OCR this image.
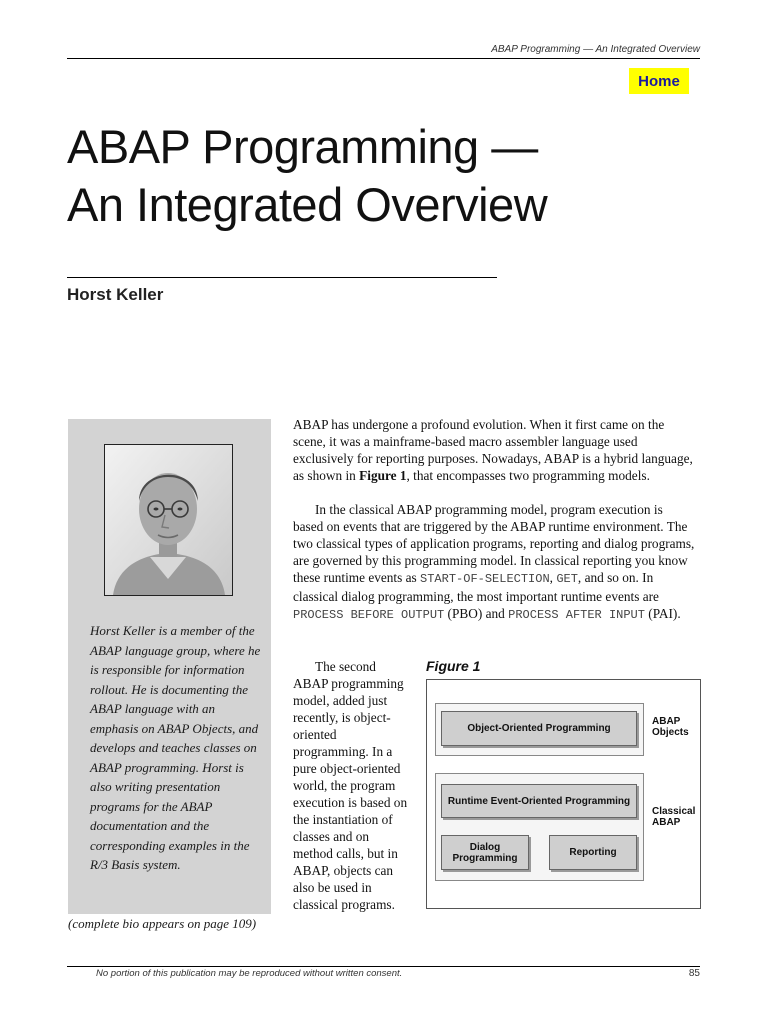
ABAP Programming — An Integrated Overview
Home
ABAP Programming —
An Integrated Overview
Horst Keller
Horst Keller is a member of the ABAP language group, where he is responsible for information rollout. He is documenting the ABAP language with an emphasis on ABAP Objects, and develops and teaches classes on ABAP programming. Horst is also writing presentation programs for the ABAP documentation and the corresponding examples in the R/3 Basis system.
(complete bio appears on page 109)
ABAP has undergone a profound evolution. When it first came on the scene, it was a mainframe-based macro assembler language used exclusively for reporting purposes. Nowadays, ABAP is a hybrid language, as shown in Figure 1, that encompasses two programming models.
In the classical ABAP programming model, program execution is based on events that are triggered by the ABAP runtime environment. The two classical types of application programs, reporting and dialog programs, are governed by this programming model. In classical reporting you know these runtime events as START-OF-SELECTION, GET, and so on. In classical dialog programming, the most important runtime events are PROCESS BEFORE OUTPUT (PBO) and PROCESS AFTER INPUT (PAI).
The second ABAP programming model, added just recently, is object-oriented programming. In a pure object-oriented world, the program execution is based on the instantiation of classes and on method calls, but in ABAP, objects can also be used in classical programs.
Figure 1
Object-Oriented Programming
Runtime Event-Oriented Programming
Dialog Programming	Reporting
ABAP Objects
Classical ABAP
No portion of this publication may be reproduced without written consent.	85
